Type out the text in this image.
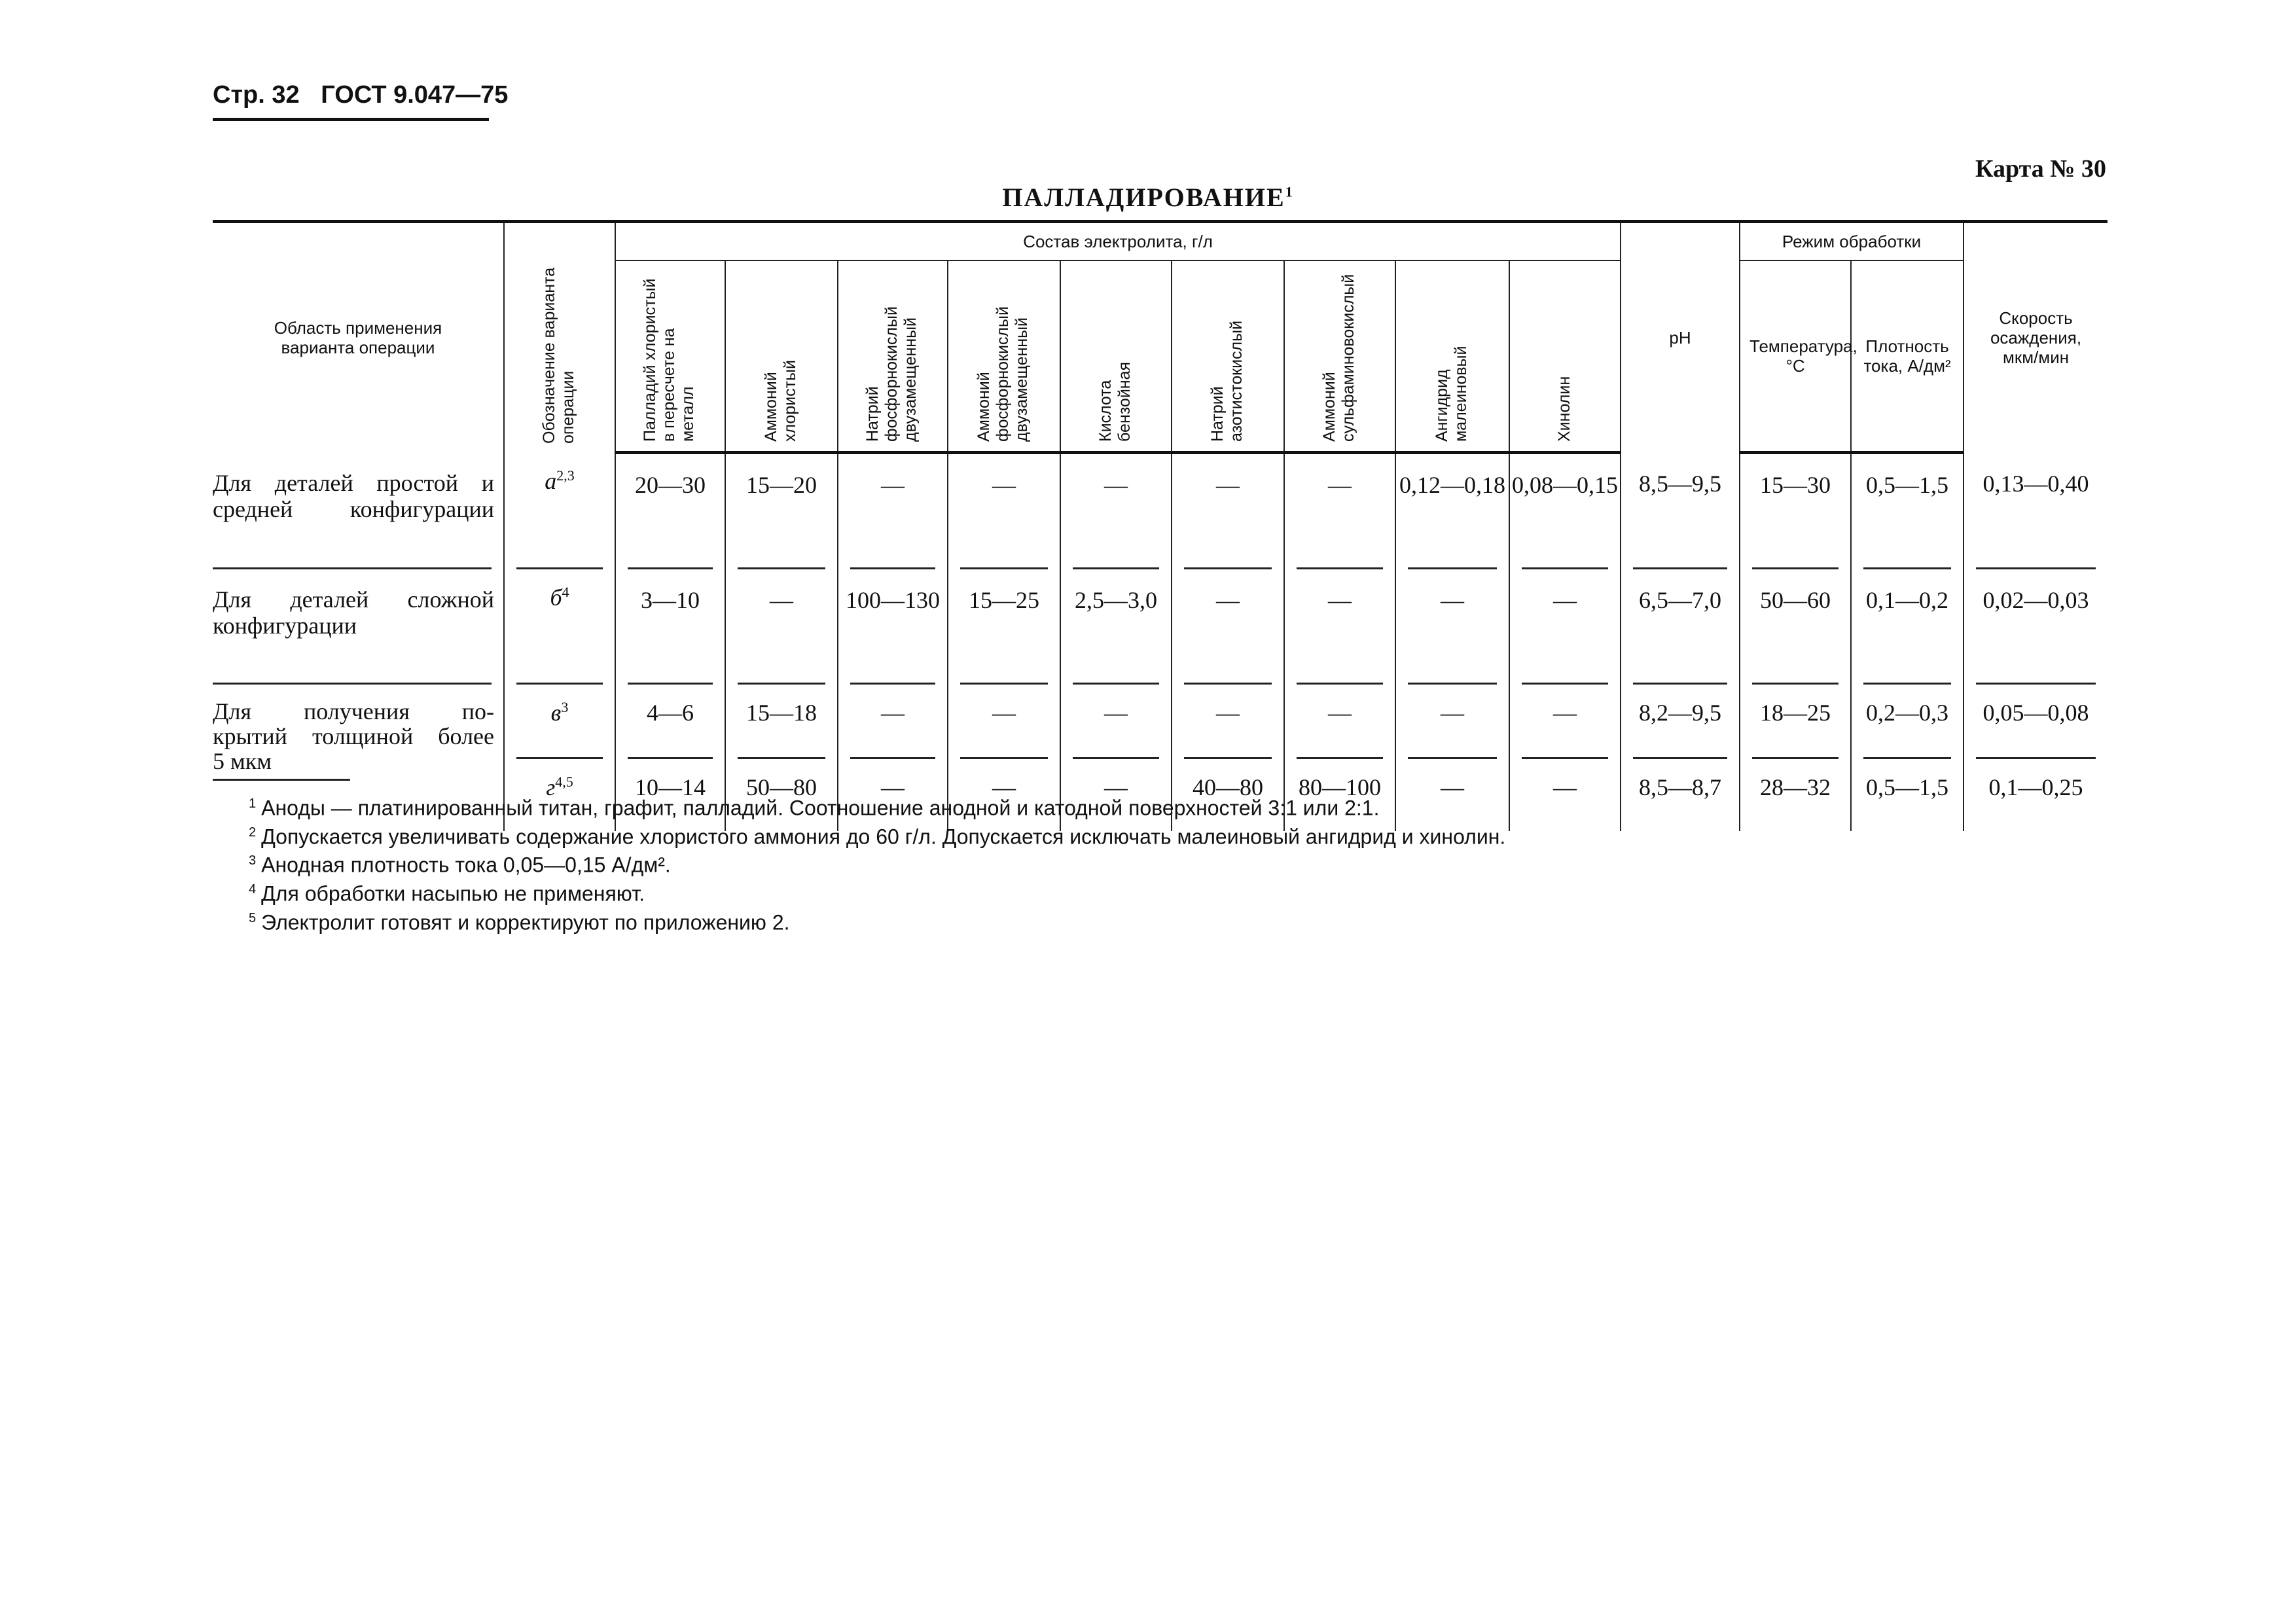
Стр. 32 ГОСТ 9.047—75
Карта № 30
ПАЛЛАДИРОВАНИЕ$^1$
Область применения варианта операции	Обозначение варианта операции	Состав электролита, г/л									pH	Режим обработки		Скорость осаждения, мкм/мин

		Палладий хлористый в пересчете на металл	Аммоний хлористый	Натрий фосфорнокислый двузамещенный	Аммоний фосфорнокислый двузамещенный	Кислота бензойная	Натрий азотистокислый	Аммоний сульфаминовокислый	Ангидрид малеиновый	Хинолин		Температура, °С	Плотность тока, А/дм²	

Для деталей простой и средней конфигурации	$а^{2,3}$	20—30	15—20	—	—	—	—	—	0,12—0,18	0,08—0,15	8,5—9,5	15—30	0,5—1,5	0,13—0,40

Для деталей сложной конфигурации	$б^4$	3—10	—	100—130	15—25	2,5—3,0	—	—	—	—	6,5—7,0	50—60	0,1—0,2	0,02—0,03

Для получения по-
крытий толщиной более
5 мкм	$в^3$	4—6	15—18	—	—	—	—	—	—	—	8,2—9,5	18—25	0,2—0,3	0,05—0,08
	$г^{4,5}$	10—14	50—80	—	—	—	40—80	80—100	—	—	8,5—8,7	28—32	0,5—1,5	0,1—0,25
$^1$ Аноды — платинированный титан, графит, палладий. Соотношение анодной и катодной поверхностей 3:1 или 2:1.
$^2$ Допускается увеличивать содержание хлористого аммония до 60 г/л. Допускается исключать малеиновый ангидрид и хинолин.
$^3$ Анодная плотность тока 0,05—0,15 А/дм².
$^4$ Для обработки насыпью не применяют.
$^5$ Электролит готовят и корректируют по приложению 2.
